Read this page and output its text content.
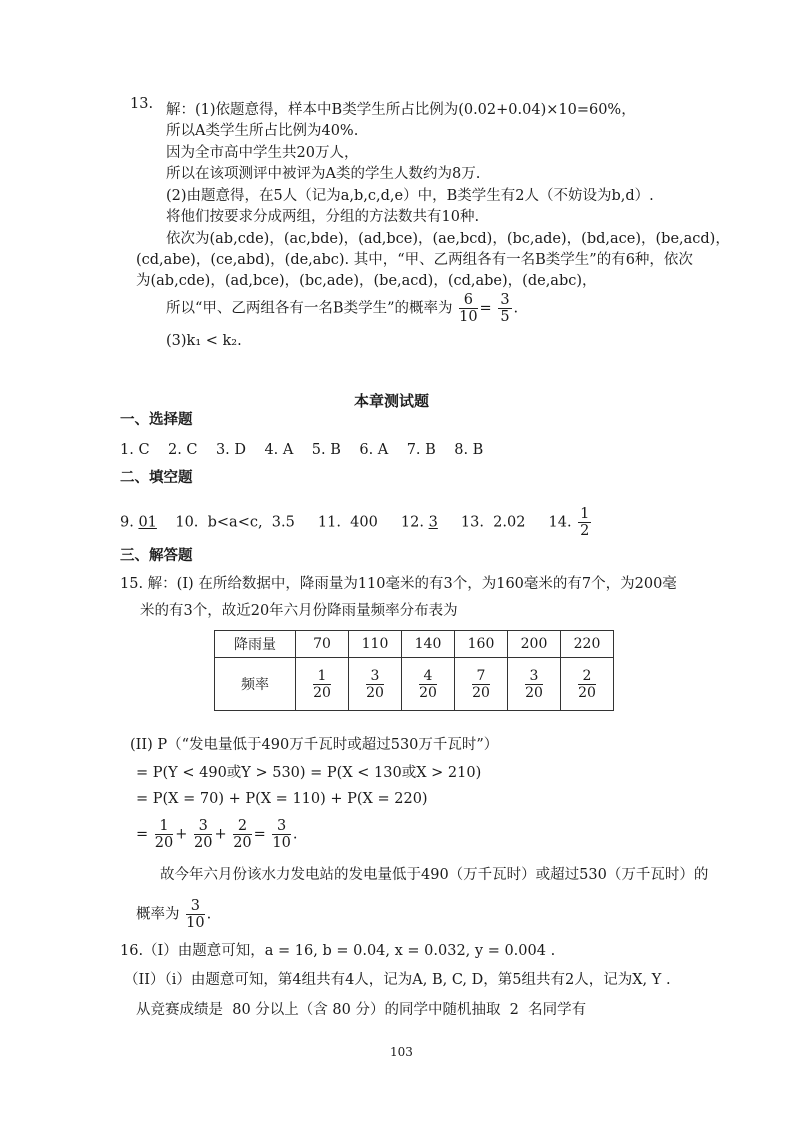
13. 解：(1)依题意得，样本中B类学生所占比例为(0.02+0.04)×10=60%，
所以A类学生所占比例为40%.
因为全市高中学生共20万人，
所以在该项测评中被评为A类的学生人数约为8万.
(2)由题意得，在5人（记为a,b,c,d,e）中，B类学生有2人（不妨设为b,d）.
将他们按要求分成两组，分组的方法数共有10种.
依次为(ab,cde)，(ac,bde)，(ad,bce)，(ae,bcd)，(bc,ade)，(bd,ace)，(be,acd)，
(cd,abe)，(ce,abd)，(de,abc). 其中，“甲、乙两组各有一名B类学生”的有6种，依次
为(ab,cde)，(ad,bce)，(bc,ade)，(be,acd)，(cd,abe)，(de,abc)，
所以“甲、乙两组各有一名B类学生”的概率为 $\frac{6}{10} = \frac{3}{5}$ .
(3)k₁ < k₂.
本章测试题
一、选择题
1. C    2. C    3. D    4. A    5. B    6. A    7. B    8. B
二、填空题
9. 01 10.  b<a<c,  3.5 11.  400 12. 3 13.  2.02 14. $\frac{1}{2}$
三、解答题
15. 解：(I) 在所给数据中，降雨量为110毫米的有3个，为160毫米的有7个，为200毫
米的有3个，故近20年六月份降雨量频率分布表为
降雨量	70	110	140	160	200	220
频率	$\frac{1}{20}$	$\frac{3}{20}$	$\frac{4}{20}$	$\frac{7}{20}$	$\frac{3}{20}$	$\frac{2}{20}$
(II) P（“发电量低于490万千瓦时或超过530万千瓦时”）
= P(Y < 490或Y > 530) = P(X < 130或X > 210)
= P(X = 70) + P(X = 110) + P(X = 220)
= $\frac{1}{20} + \frac{3}{20} + \frac{2}{20} = \frac{3}{10}$ .
故今年六月份该水力发电站的发电量低于490（万千瓦时）或超过530（万千瓦时）的
概率为 $\frac{3}{10}$ .
16.（I）由题意可知，a = 16, b = 0.04, x = 0.032, y = 0.004 .
（II）（i）由题意可知，第4组共有4人，记为A, B, C, D，第5组共有2人，记为X, Y .
从竞赛成绩是  80 分以上（含 80 分）的同学中随机抽取  2  名同学有
103
